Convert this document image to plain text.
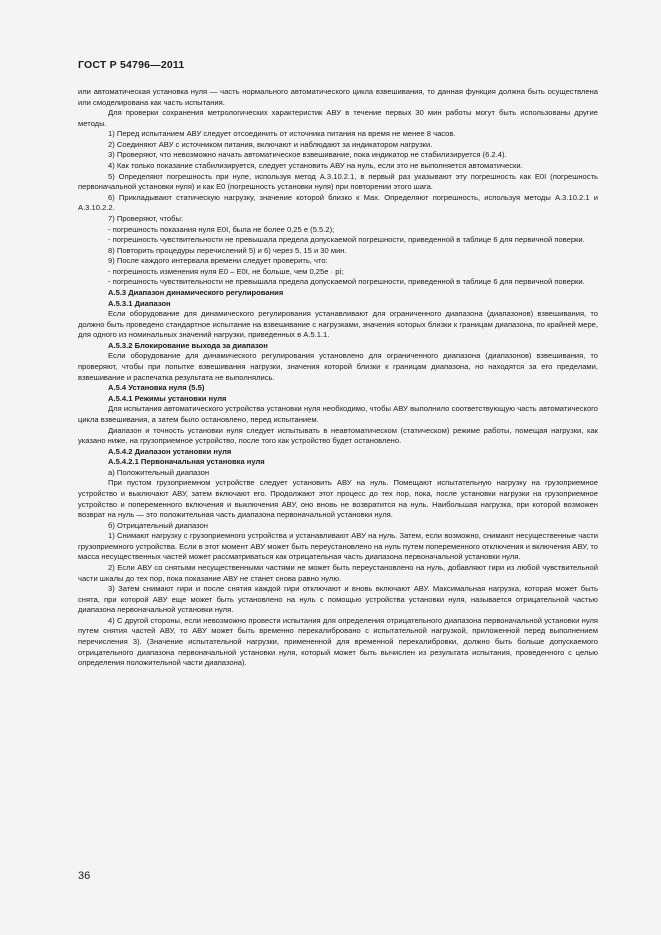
ГОСТ Р 54796—2011

или автоматическая установка нуля — часть нормального автоматического цикла взвешивания, то данная функция должна быть осуществлена или смоделирована как часть испытания.

Для проверки сохранения метрологических характеристик АВУ в течение первых 30 мин работы могут быть использованы другие методы.

1) Перед испытанием АВУ следует отсоединить от источника питания на время не менее 8 часов.

2) Соединяют АВУ с источником питания, включают и наблюдают за индикатором нагрузки.

3) Проверяют, что невозможно начать автоматическое взвешивание, пока индикатор не стабилизируется (6.2.4).

4) Как только показание стабилизируется, следует установить АВУ на нуль, если это не выполняется автоматически.

5) Определяют погрешность при нуле, используя метод А.3.10.2.1, в первый раз указывают эту погрешность как E0I (погрешность первоначальной установки нуля) и как E0 (погрешность установки нуля) при повторении этого шага.

6) Прикладывают статическую нагрузку, значение которой близко к Max. Определяют погрешность, используя методы А.3.10.2.1 и А.3.10.2.2.

7) Проверяют, чтобы:

- погрешность показания нуля E0I, была не более 0,25 e (5.5.2);

- погрешность чувствительности не превышала предела допускаемой погрешности, приведенной в таблице 6 для первичной поверки.

8) Повторить процедуры перечислений 5) и 6) через 5, 15 и 30 мин.

9) После каждого интервала времени следует проверить, что:

- погрешность изменения нуля E0 – E0I, не больше, чем 0,25e · pi;

- погрешность чувствительности не превышала предела допускаемой погрешности, приведенной в таблице 6 для первичной поверки.

А.5.3 Диапазон динамического регулирования

А.5.3.1 Диапазон

Если оборудование для динамического регулирования устанавливают для ограниченного диапазона (диапазонов) взвешивания, то должно быть проведено стандартное испытание на взвешивание с нагрузками, значения которых близки к границам диапазона, по крайней мере, для одного из номинальных значений нагрузки, приведенных в А.5.1.1.

А.5.3.2 Блокирование выхода за диапазон

Если оборудование для динамического регулирования установлено для ограниченного диапазона (диапазонов) взвешивания, то проверяют, чтобы при попытке взвешивания нагрузки, значения которой близки к границам диапазона, но находятся за его пределами, взвешивание и распечатка результата не выполнялись.

А.5.4 Установка нуля (5.5)

А.5.4.1 Режимы установки нуля

Для испытания автоматического устройства установки нуля необходимо, чтобы АВУ выполнило соответствующую часть автоматического цикла взвешивания, а затем было остановлено, перед испытанием.

Диапазон и точность установки нуля следует испытывать в неавтоматическом (статическом) режиме работы, помещая нагрузки, как указано ниже, на грузоприемное устройство, после того как устройство будет остановлено.

А.5.4.2 Диапазон установки нуля

А.5.4.2.1 Первоначальная установка нуля

а) Положительный диапазон

При пустом грузоприемном устройстве следует установить АВУ на нуль. Помещают испытательную нагрузку на грузоприемное устройство и выключают АВУ, затем включают его. Продолжают этот процесс до тех пор, пока, после установки нагрузки на грузоприемное устройство и попеременного включения и выключения АВУ, оно вновь не возвратится на нуль. Наибольшая нагрузка, при которой возможен возврат на нуль — это положительная часть диапазона первоначальной установки нуля.

б) Отрицательный диапазон

1) Снимают нагрузку с грузоприемного устройства и устанавливают АВУ на нуль. Затем, если возможно, снимают несущественные части грузоприемного устройства. Если в этот момент АВУ может быть переустановлено на нуль путем попеременного отключения и включения АВУ, то масса несущественных частей может рассматриваться как отрицательная часть диапазона первоначальной установки нуля.

2) Если АВУ со снятыми несущественными частями не может быть переустановлено на нуль, добавляют гири из любой чувствительной части шкалы до тех пор, пока показание АВУ не станет снова равно нулю.

3) Затем снимают гири и после снятия каждой гири отключают и вновь включают АВУ. Максимальная нагрузка, которая может быть снята, при которой АВУ еще может быть установлено на нуль с помощью устройства установки нуля, называется отрицательной частью диапазона первоначальной установки нуля.

4) С другой стороны, если невозможно провести испытания для определения отрицательного диапазона первоначальной установки нуля путем снятия частей АВУ, то АВУ может быть временно перекалибровано с испытательной нагрузкой, приложенной перед выполнением перечисления 3). (Значение испытательной нагрузки, примененной для временной перекалибровки, должно быть больше допускаемого отрицательного диапазона первоначальной установки нуля, который может быть вычислен из результата испытания, проведенного с целью определения положительной части диапазона).

36
